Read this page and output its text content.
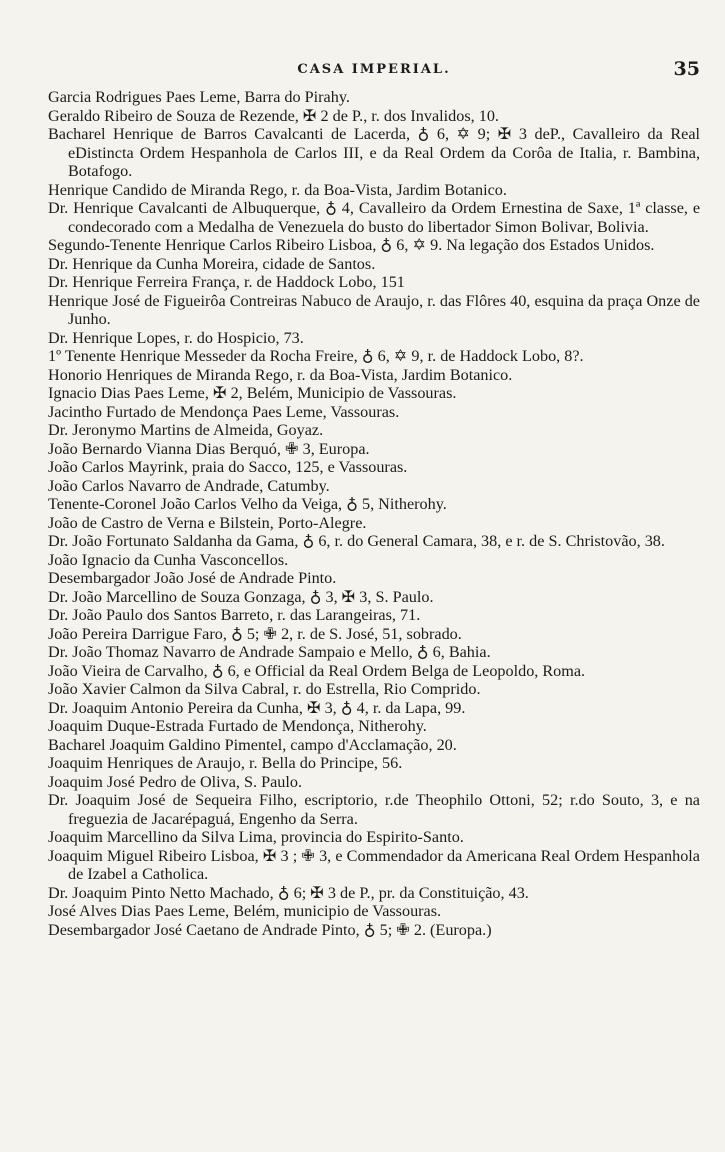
CASA IMPERIAL.	35
Garcia Rodrigues Paes Leme, Barra do Pirahy.
Geraldo Ribeiro de Souza de Rezende, ✠ 2 de P., r. dos Invalidos, 10.
Bacharel Henrique de Barros Cavalcanti de Lacerda, ♁ 6, ✡ 9; ✠ 3 deP., Cavalleiro da Real eDistincta Ordem Hespanhola de Carlos III, e da Real Ordem da Corôa de Italia, r. Bambina, Botafogo.
Henrique Candido de Miranda Rego, r. da Boa-Vista, Jardim Botanico.
Dr. Henrique Cavalcanti de Albuquerque, ♁ 4, Cavalleiro da Ordem Ernestina de Saxe, 1ª classe, e condecorado com a Medalha de Venezuela do busto do libertador Simon Bolivar, Bolivia.
Segundo-Tenente Henrique Carlos Ribeiro Lisboa, ♁ 6, ✡ 9. Na legação dos Estados Unidos.
Dr. Henrique da Cunha Moreira, cidade de Santos.
Dr. Henrique Ferreira França, r. de Haddock Lobo, 151
Henrique José de Figueirôa Contreiras Nabuco de Araujo, r. das Flôres 40, esquina da praça Onze de Junho.
Dr. Henrique Lopes, r. do Hospicio, 73.
1º Tenente Henrique Messeder da Rocha Freire, ♁ 6, ✡ 9, r. de Haddock Lobo, 8?.
Honorio Henriques de Miranda Rego, r. da Boa-Vista, Jardim Botanico.
Ignacio Dias Paes Leme, ✠ 2, Belém, Municipio de Vassouras.
Jacintho Furtado de Mendonça Paes Leme, Vassouras.
Dr. Jeronymo Martins de Almeida, Goyaz.
João Bernardo Vianna Dias Berquó, ✙ 3, Europa.
João Carlos Mayrink, praia do Sacco, 125, e Vassouras.
João Carlos Navarro de Andrade, Catumby.
Tenente-Coronel João Carlos Velho da Veiga, ♁ 5, Nitherohy.
João de Castro de Verna e Bilstein, Porto-Alegre.
Dr. João Fortunato Saldanha da Gama, ♁ 6, r. do General Camara, 38, e r. de S. Christovão, 38.
João Ignacio da Cunha Vasconcellos.
Desembargador João José de Andrade Pinto.
Dr. João Marcellino de Souza Gonzaga, ♁ 3, ✠ 3, S. Paulo.
Dr. João Paulo dos Santos Barreto, r. das Larangeiras, 71.
João Pereira Darrigue Faro, ♁ 5; ✙ 2, r. de S. José, 51, sobrado.
Dr. João Thomaz Navarro de Andrade Sampaio e Mello, ♁ 6, Bahia.
João Vieira de Carvalho, ♁ 6, e Official da Real Ordem Belga de Leopoldo, Roma.
João Xavier Calmon da Silva Cabral, r. do Estrella, Rio Comprido.
Dr. Joaquim Antonio Pereira da Cunha, ✠ 3, ♁ 4, r. da Lapa, 99.
Joaquim Duque-Estrada Furtado de Mendonça, Nitherohy.
Bacharel Joaquim Galdino Pimentel, campo d'Acclamação, 20.
Joaquim Henriques de Araujo, r. Bella do Principe, 56.
Joaquim José Pedro de Oliva, S. Paulo.
Dr. Joaquim José de Sequeira Filho, escriptorio, r.de Theophilo Ottoni, 52; r.do Souto, 3, e na freguezia de Jacarépaguá, Engenho da Serra.
Joaquim Marcellino da Silva Lima, provincia do Espirito-Santo.
Joaquim Miguel Ribeiro Lisboa, ✠ 3 ; ✙ 3, e Commendador da Americana Real Ordem Hespanhola de Izabel a Catholica.
Dr. Joaquim Pinto Netto Machado, ♁ 6; ✠ 3 de P., pr. da Constituição, 43.
José Alves Dias Paes Leme, Belém, municipio de Vassouras.
Desembargador José Caetano de Andrade Pinto, ♁ 5; ✙ 2. (Europa.)
